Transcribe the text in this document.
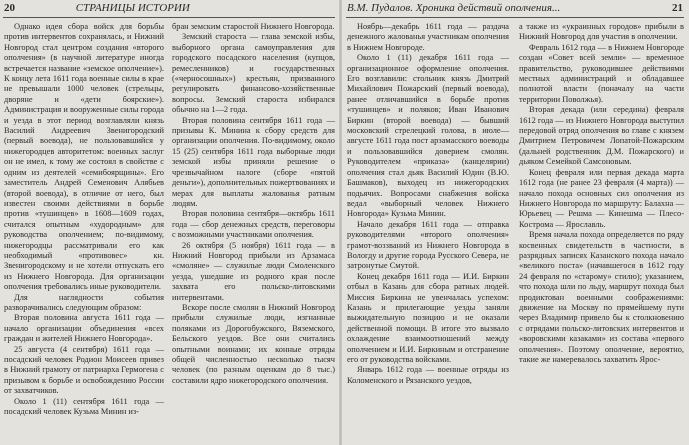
20	СТРАНИЦЫ ИСТОРИИ

Однако идея сбора войск для борьбы против интервентов сохранялась, и Нижний Новгород стал центром создания «второго ополчения» (в научной литературе иногда встречается название «земское ополчение»). К концу лета 1611 года военные силы в крае не превышали 1000 человек (стрельцы, дворяне и «дети боярские»). Администрация и вооруженные силы города и уезда в этот период возглавляли князь Василий Андреевич Звенигородский (первый воевода), не пользовавшийся у нижегородцев авторитетом: военных заслуг он не имел, к тому же состоял в свойстве с одним из деятелей «семибоярщины». Его заместитель Андрей Семенович Алябьев (второй воевода), в отличие от него, был известен своими действиями в борьбе против «тушинцев» в 1608—1609 годах, считался опытным «худородным» для руководства ополчением; по-видимому, нижегородцы рассматривали его как необходимый «противовес» кн. Звенигородскому и не хотели отпускать его из Нижнего Новгорода. Для организации ополчения требовались иные руководители.

Для наглядности события разворачивались следующим образом:

Вторая половина августа 1611 года — начало организации объединения «всех граждан и жителей Нижнего Новгорода».

25 августа (4 сентября) 1611 года — посадский человек Родион Моисеев привез в Нижний грамоту от патриарха Гермогена с призывом к борьбе и освобождению России от захватчиков.

Около 1 (11) сентября 1611 года — посадский человек Кузьма Минин из-

бран земским старостой Нижнего Новгорода.

Земский староста — глава земской избы, выборного органа самоуправления для городского посадского населения (купцов, ремесленников) и государственных («черносошных») крестьян, призванного регулировать финансово-хозяйственные вопросы. Земский староста избирался обычно на 1—2 года.

Вторая половина сентября 1611 года — призывы К. Минина к сбору средств для организации ополчения. По-видимому, около 15 (25) сентября 1611 года выборные люди земской избы приняли решение о чрезвычайном налоге (сборе «пятой деньги»), дополнительных пожертвованиях и мерах для выплаты жалованья ратным людям.

Вторая половина сентября—октябрь 1611 года — сбор денежных средств, переговоры с возможными участниками ополчения.

26 октября (5 ноября) 1611 года — в Нижний Новгород прибыли из Арзамаса «смоляне» — служилые люди Смоленского уезда, ушедшие из родного края после захвата его польско-литовскими интервентами.

Вскоре после смолян в Нижний Новгород прибыли служилые люди, изгнанные поляками из Дорогобужского, Вяземского, Бельского уездов. Все они считались опытными воинами; их конные отряды общей численностью несколько тысяч человек (по разным оценкам до 8 тыс.) составили ядро нижегородского ополчения.

В.М. Пудалов. Хроника действий ополчения...	21

Ноябрь—декабрь 1611 года — раздача денежного жалованья участникам ополчения в Нижнем Новгороде.

Около 1 (11) декабря 1611 года — организационное оформление ополчения. Его возглавили: стольник князь Дмитрий Михайлович Пожарский (первый воевода), ранее отличавшийся в борьбе против «тушинцев» и поляков; Иван Иванович Биркин (второй воевода) — бывший московский стрелецкий голова, в июле—августе 1611 года пост арзамасского воеводы и пользовавшийся доверием смолян. Руководителем «приказа» (канцелярии) ополчения стал дьяк Василий Юдин (В.Ю. Башмаков), выходец из нижегородских подьячих. Вопросами снабжения войска ведал «выборный человек Нижнего Новгорода» Кузьма Минин.

Начало декабря 1611 года — отправка руководителями «второго ополчения» грамот-воззваний из Нижнего Новгорода в Вологду и другие города Русского Севера, не затронутые Смутой.

Конец декабря 1611 года — И.И. Биркин отбыл в Казань для сбора ратных людей. Миссия Биркина не увенчалась успехом: Казань и прилегающие уезды заняли выжидательную позицию и не оказали действенной помощи. В итоге это вызвало охлаждение взаимоотношений между ополчением и И.И. Биркиным и отстранение его от руководства войсками.

Январь 1612 года — военные отряды из Коломенского и Рязанского уездов,

а также из «украинных городов» прибыли в Нижний Новгород для участия в ополчении.

Февраль 1612 года — в Нижнем Новгороде создан «Совет всей земли» — временное правительство, руководившее действиями местных администраций и обладавшее полнотой власти (поначалу на части территории Поволжья).

Вторая декада (или середина) февраля 1612 года — из Нижнего Новгорода выступил передовой отряд ополчения во главе с князем Дмитрием Петровичем Лопатой-Пожарским (дальней родственник Д.М. Пожарского) и дьяком Семейкой Самсоновым.

Конец февраля или первая декада марта 1612 года (не ранее 23 февраля (4 марта)) — начало похода основных сил ополчения из Нижнего Новгорода по маршруту: Балахна — Юрьевец — Решма — Кинешма — Плесо-Кострома — Ярославль.

Время начала похода определяется по ряду косвенных свидетельств в частности, в разрядных записях Казанского похода начало «великого поста» (начавшегося в 1612 году 24 февраля по «старому» стилю); указанием, что похода шли по льду, маршрут похода был продиктован военными соображениями: движение на Москву по прямейшему пути через Владимир привело бы к столкновению с отрядами польско-литовских интервентов и «воровскими казаками» из состава «первого ополчения». Поэтому ополчение, вероятно, такие же намеревалось захватить Ярос-
